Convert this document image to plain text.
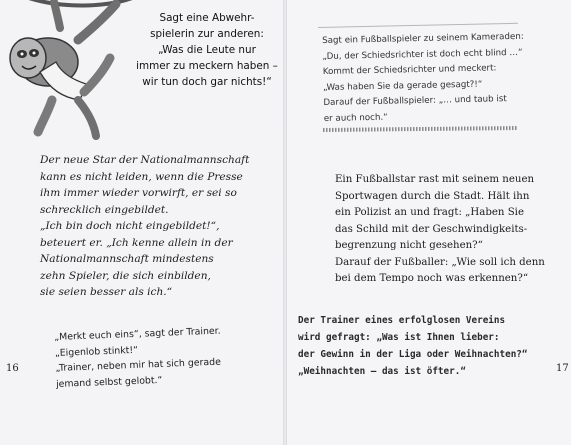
Sagt eine Abwehr-
spielerin zur anderen:
„Was die Leute nur
immer zu meckern haben –
wir tun doch gar nichts!“
Der neue Star der Nationalmannschaft
kann es nicht leiden, wenn die Presse
ihm immer wieder vorwirft, er sei so
schrecklich eingebildet.
„Ich bin doch nicht eingebildet!“,
beteuert er. „Ich kenne allein in der
Nationalmannschaft mindestens
zehn Spieler, die sich einbilden,
sie seien besser als ich.“
„Merkt euch eins“, sagt der Trainer.
„Eigenlob stinkt!“
„Trainer, neben mir hat sich gerade
jemand selbst gelobt.“
16
Sagt ein Fußballspieler zu seinem Kameraden:
„Du, der Schiedsrichter ist doch echt blind …“
Kommt der Schiedsrichter und meckert:
„Was haben Sie da gerade gesagt?!“
Darauf der Fußballspieler: „… und taub ist
er auch noch.“
Ein Fußballstar rast mit seinem neuen
Sportwagen durch die Stadt. Hält ihn
ein Polizist an und fragt: „Haben Sie
das Schild mit der Geschwindigkeits-
begrenzung nicht gesehen?“
Darauf der Fußballer: „Wie soll ich denn
bei dem Tempo noch was erkennen?“
Der Trainer eines erfolglosen Vereins
wird gefragt: „Was ist Ihnen lieber:
der Gewinn in der Liga oder Weihnachten?“
„Weihnachten – das ist öfter.“	17
